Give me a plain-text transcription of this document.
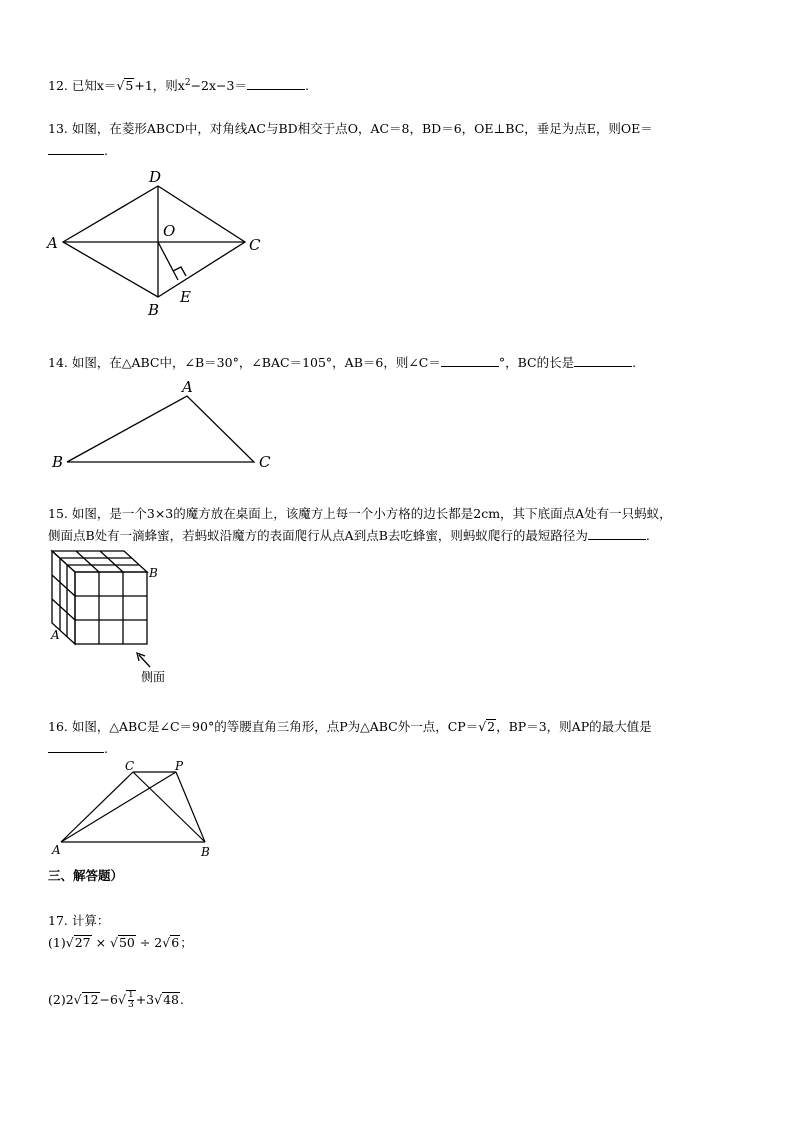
12. 已知x＝√5+1，则$x^2-2x-3=$	.
13. 如图，在菱形ABCD中，对角线AC与BD相交于点O，AC＝8，BD＝6，OE⊥BC，垂足为点E，则OE＝
.
D
A
O
C
E
B
14. 如图，在△ABC中，∠B＝30°，∠BAC＝105°，AB＝6，则∠C＝	°，BC的长是	.
A
B	C
15. 如图，是一个3×3的魔方放在桌面上，该魔方上每一个小方格的边长都是2cm，其下底面点A处有一只蚂蚁，
侧面点B处有一滴蜂蜜，若蚂蚁沿魔方的表面爬行从点A到点B去吃蜂蜜，则蚂蚁爬行的最短路径为	.
B
A
侧面
16. 如图，△ABC是∠C＝90°的等腰直角三角形，点P为△ABC外一点，CP＝√2，BP＝3，则AP的最大值是
.
C	P
A	B
三、解答题）
17. 计算：
(1)√27 × √50 ÷ 2√6；
$(2)2√12-6√ \frac{1}{3} +3√48$.
